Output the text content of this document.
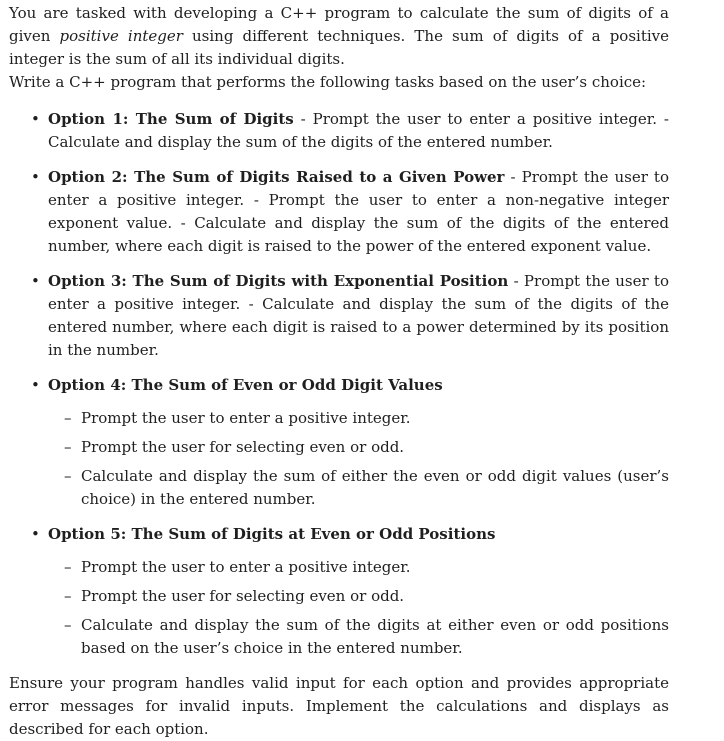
You are tasked with developing a C++ program to calculate the sum of digits of a given positive integer using different techniques. The sum of digits of a positive integer is the sum of all its individual digits.

Write a C++ program that performs the following tasks based on the user’s choice:

• Option 1: The Sum of Digits - Prompt the user to enter a positive integer. - Calculate and display the sum of the digits of the entered number.
• Option 2: The Sum of Digits Raised to a Given Power - Prompt the user to enter a positive integer. - Prompt the user to enter a non-negative integer exponent value. - Calculate and display the sum of the digits of the entered number, where each digit is raised to the power of the entered exponent value.
• Option 3: The Sum of Digits with Exponential Position - Prompt the user to enter a positive integer. - Calculate and display the sum of the digits of the entered number, where each digit is raised to a power determined by its position in the number.
• Option 4: The Sum of Even or Odd Digit Values
– Prompt the user to enter a positive integer.
– Prompt the user for selecting even or odd.
– Calculate and display the sum of either the even or odd digit values (user’s choice) in the entered number.
• Option 5: The Sum of Digits at Even or Odd Positions
– Prompt the user to enter a positive integer.
– Prompt the user for selecting even or odd.
– Calculate and display the sum of the digits at either even or odd positions based on the user’s choice in the entered number.

Ensure your program handles valid input for each option and provides appropriate error messages for invalid inputs. Implement the calculations and displays as described for each option.
